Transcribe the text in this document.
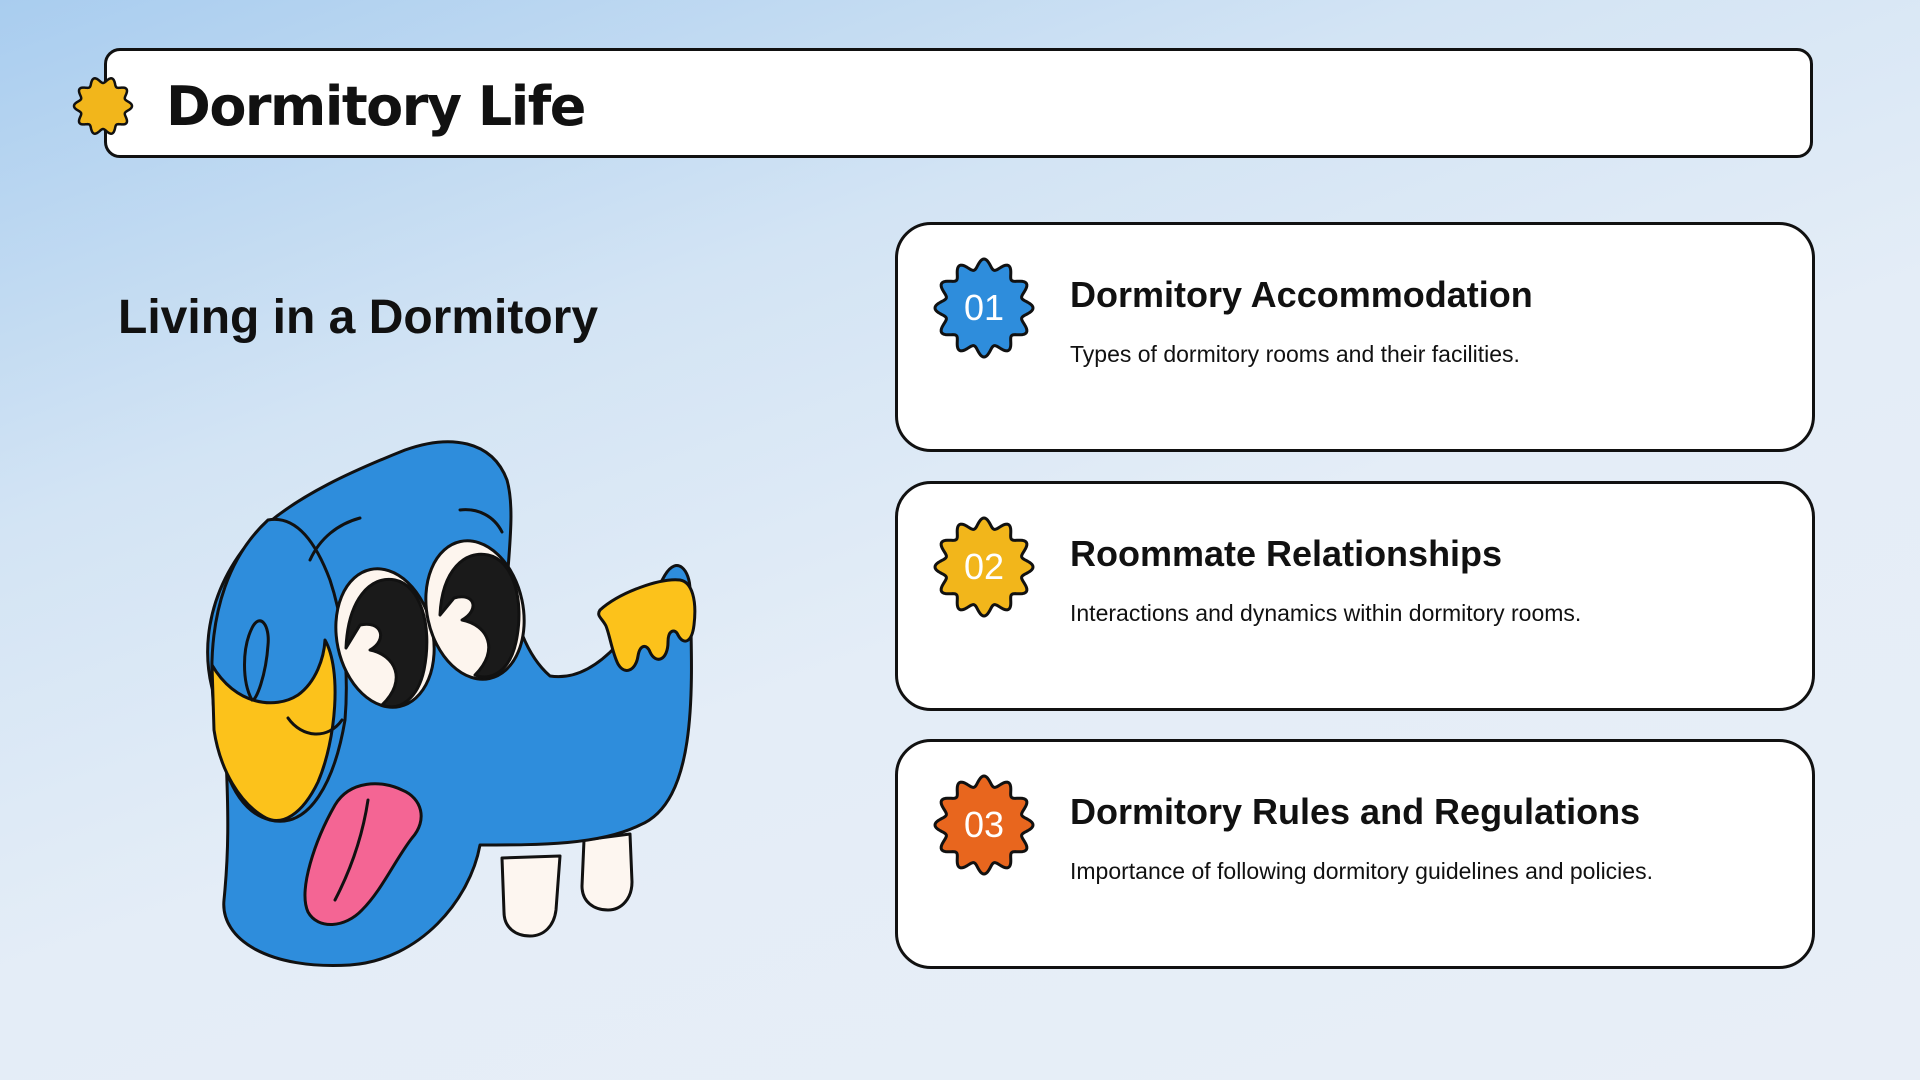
Dormitory Life
Living in a Dormitory	01	Dormitory Accommodation
Types of dormitory rooms and their facilities.
02	Roommate Relationships
Interactions and dynamics within dormitory rooms.
03	Dormitory Rules and Regulations
Importance of following dormitory guidelines and policies.
